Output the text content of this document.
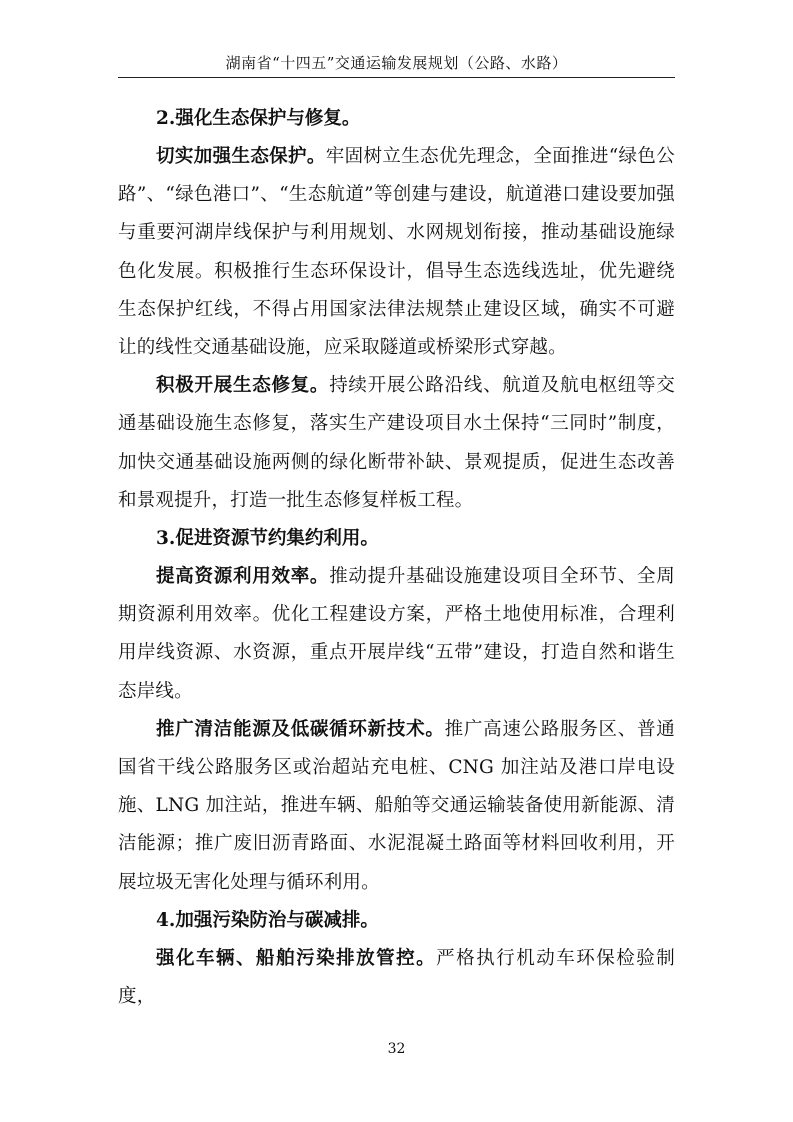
湖南省“十四五”交通运输发展规划（公路、水路）

2.强化生态保护与修复。

切实加强生态保护。牢固树立生态优先理念，全面推进“绿色公路”、“绿色港口”、“生态航道”等创建与建设，航道港口建设要加强与重要河湖岸线保护与利用规划、水网规划衔接，推动基础设施绿色化发展。积极推行生态环保设计，倡导生态选线选址，优先避绕生态保护红线，不得占用国家法律法规禁止建设区域，确实不可避让的线性交通基础设施，应采取隧道或桥梁形式穿越。

积极开展生态修复。持续开展公路沿线、航道及航电枢纽等交通基础设施生态修复，落实生产建设项目水土保持“三同时”制度，加快交通基础设施两侧的绿化断带补缺、景观提质，促进生态改善和景观提升，打造一批生态修复样板工程。

3.促进资源节约集约利用。

提高资源利用效率。推动提升基础设施建设项目全环节、全周期资源利用效率。优化工程建设方案，严格土地使用标准，合理利用岸线资源、水资源，重点开展岸线“五带”建设，打造自然和谐生态岸线。

推广清洁能源及低碳循环新技术。推广高速公路服务区、普通国省干线公路服务区或治超站充电桩、CNG 加注站及港口岸电设施、LNG 加注站，推进车辆、船舶等交通运输装备使用新能源、清洁能源；推广废旧沥青路面、水泥混凝土路面等材料回收利用，开展垃圾无害化处理与循环利用。

4.加强污染防治与碳减排。

强化车辆、船舶污染排放管控。严格执行机动车环保检验制度，

32
